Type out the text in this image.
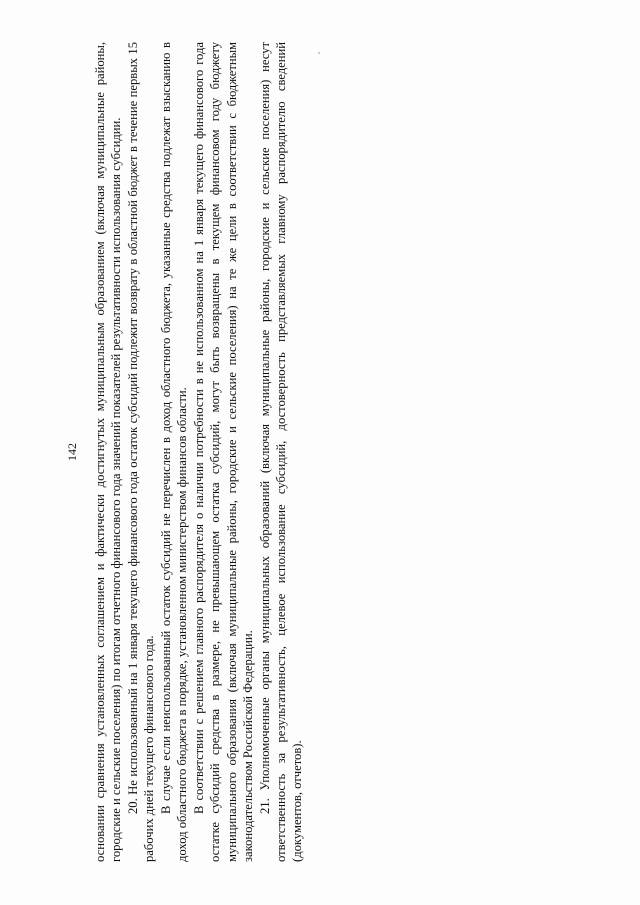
142 основании сравнения установленных соглашением и фактически достигнутых муниципальным образованием (включая муниципальные районы, городские и сельские поселения) по итогам отчетного финансового года значений показателей результативности использования субсидии. 20. Не использованный на 1 января текущего финансового года остаток субсидий подлежит возврату в областной бюджет в течение первых 15 рабочих дней текущего финансового года. В случае если неиспользованный остаток субсидий не перечислен в доход областного бюджета, указанные средства подлежат взысканию в доход областного бюджета в порядке, установленном министерством финансов области. В соответствии с решением главного распорядителя о наличии потребности в не использованном на 1 января текущего финансового года остатке субсидий средства в размере, не превышающем остатка субсидий, могут быть возвращены в текущем финансовом году бюджету муниципального образования (включая муниципальные районы, городские и сельские поселения) на те же цели в соответствии с бюджетным законодательством Российской Федерации. 21. Уполномоченные органы муниципальных образований (включая муниципальные районы, городские и сельские поселения) несут ответственность за результативность, целевое использование субсидий, достоверность представляемых главному распорядителю сведений (документов, отчетов).
